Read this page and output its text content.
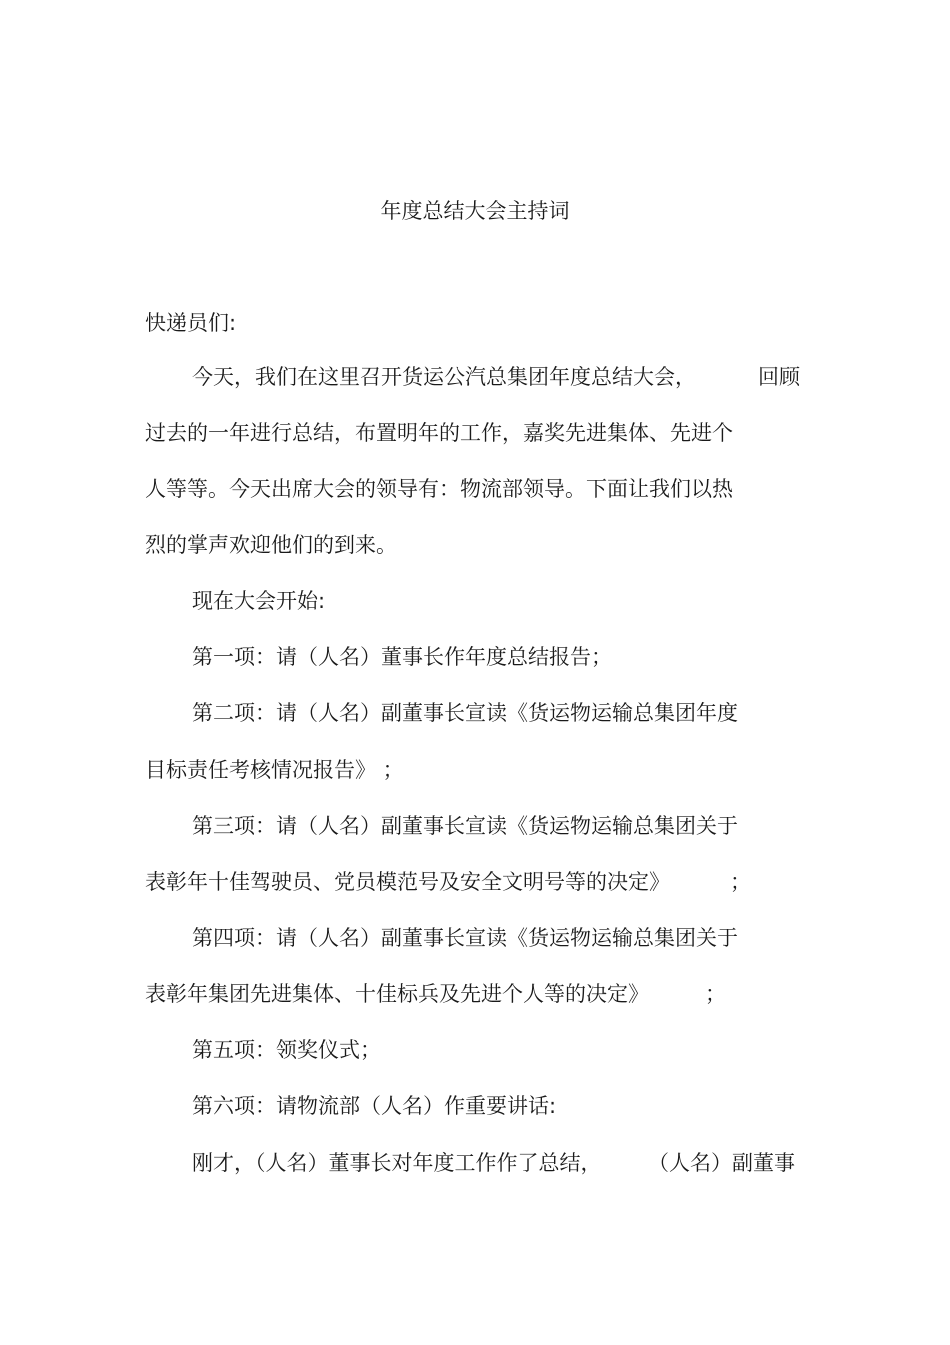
年度总结大会主持词
快递员们:
今天，我们在这里召开货运公汽总集团年度总结大会，	回顾
过去的一年进行总结，布置明年的工作，嘉奖先进集体、先进个
人等等。今天出席大会的领导有：物流部领导。下面让我们以热
烈的掌声欢迎他们的到来。
现在大会开始:
第一项：请（人名）董事长作年度总结报告；
第二项：请（人名）副董事长宣读《货运物运输总集团年度
目标责任考核情况报告》 ；
第三项：请（人名）副董事长宣读《货运物运输总集团关于
表彰年十佳驾驶员、党员模范号及安全文明号等的决定》	；
第四项：请（人名）副董事长宣读《货运物运输总集团关于
表彰年集团先进集体、十佳标兵及先进个人等的决定》	；
第五项：领奖仪式；
第六项：请物流部（人名）作重要讲话:
刚才，（人名）董事长对年度工作作了总结， （人名）副董事
